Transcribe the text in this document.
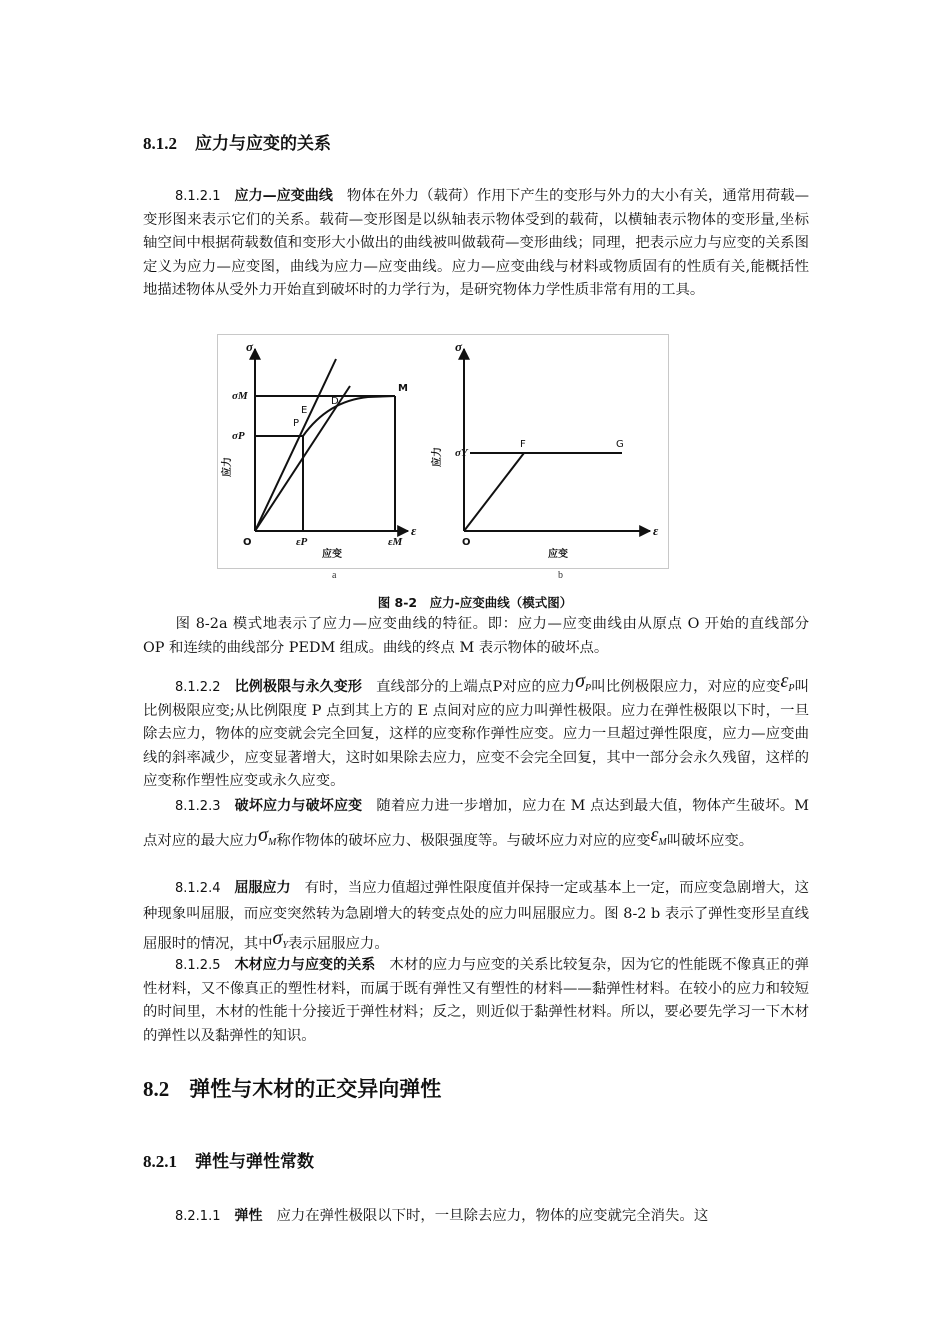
8.1.2 应力与应变的关系
8.1.2.1 应力—应变曲线 物体在外力（载荷）作用下产生的变形与外力的大小有关，通常用荷载—变形图来表示它们的关系。载荷—变形图是以纵轴表示物体受到的载荷，以横轴表示物体的变形量,坐标轴空间中根据荷载数值和变形大小做出的曲线被叫做载荷—变形曲线；同理，把表示应力与应变的关系图定义为应力—应变图，曲线为应力—应变曲线。应力—应变曲线与材料或物质固有的性质有关,能概括性地描述物体从受外力开始直到破坏时的力学行为，是研究物体力学性质非常有用的工具。
σ
ε
O
σM
σP
εP	εM
M
E
P
D
应变
应力
σ
ε
O
σY
F	G
应变
应力
a	b
图 8-2　应力-应变曲线（模式图）
图 8-2a 模式地表示了应力—应变曲线的特征。即：应力—应变曲线由从原点 O 开始的直线部分 OP 和连续的曲线部分 PEDM 组成。曲线的终点 M 表示物体的破坏点。
8.1.2.2 比例极限与永久变形 直线部分的上端点P对应的应力σP叫比例极限应力，对应的应变εP叫比例极限应变;从比例限度 P 点到其上方的 E 点间对应的应力叫弹性极限。应力在弹性极限以下时，一旦除去应力，物体的应变就会完全回复，这样的应变称作弹性应变。应力一旦超过弹性限度，应力—应变曲线的斜率减少，应变显著增大，这时如果除去应力，应变不会完全回复，其中一部分会永久残留，这样的应变称作塑性应变或永久应变。
8.1.2.3 破坏应力与破坏应变 随着应力进一步增加，应力在 M 点达到最大值，物体产生破坏。M 点对应的最大应力σM称作物体的破坏应力、极限强度等。与破坏应力对应的应变εM叫破坏应变。
8.1.2.4 屈服应力 有时，当应力值超过弹性限度值并保持一定或基本上一定，而应变急剧增大，这种现象叫屈服，而应变突然转为急剧增大的转变点处的应力叫屈服应力。图 8-2 b 表示了弹性变形呈直线屈服时的情况，其中σY表示屈服应力。
8.1.2.5 木材应力与应变的关系 木材的应力与应变的关系比较复杂，因为它的性能既不像真正的弹性材料，又不像真正的塑性材料，而属于既有弹性又有塑性的材料——黏弹性材料。在较小的应力和较短的时间里，木材的性能十分接近于弹性材料；反之，则近似于黏弹性材料。所以，要必要先学习一下木材的弹性以及黏弹性的知识。
8.2 弹性与木材的正交异向弹性
8.2.1 弹性与弹性常数
8.2.1.1 弹性 应力在弹性极限以下时，一旦除去应力，物体的应变就完全消失。这
